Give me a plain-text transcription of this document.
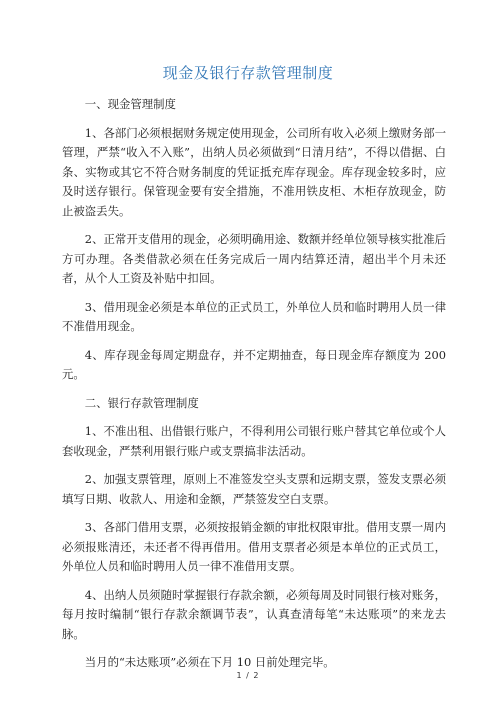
现金及银行存款管理制度

一、现金管理制度

1、各部门必须根据财务规定使用现金，公司所有收入必须上缴财务部一管理，严禁“收入不入账”，出纳人员必须做到“日清月结”，不得以借据、白条、实物或其它不符合财务制度的凭证抵充库存现金。库存现金较多时，应及时送存银行。保管现金要有安全措施，不准用铁皮柜、木柜存放现金，防止被盗丢失。

2、正常开支借用的现金，必须明确用途、数额并经单位领导核实批准后方可办理。各类借款必须在任务完成后一周内结算还清，超出半个月未还者，从个人工资及补贴中扣回。

3、借用现金必须是本单位的正式员工，外单位人员和临时聘用人员一律不准借用现金。

4、库存现金每周定期盘存，并不定期抽查，每日现金库存额度为 200 元。

二、银行存款管理制度

1、不准出租、出借银行账户，不得利用公司银行账户替其它单位或个人套收现金，严禁利用银行账户或支票搞非法活动。

2、加强支票管理，原则上不准签发空头支票和远期支票，签发支票必须填写日期、收款人、用途和金额，严禁签发空白支票。

3、各部门借用支票，必须按报销金额的审批权限审批。借用支票一周内必须报账清还，未还者不得再借用。借用支票者必须是本单位的正式员工，外单位人员和临时聘用人员一律不准借用支票。

4、出纳人员须随时掌握银行存款余额，必须每周及时同银行核对账务，每月按时编制“银行存款余额调节表”，认真查清每笔“未达账项”的来龙去脉。

当月的“未达账项”必须在下月 10 日前处理完毕。

1 / 2
